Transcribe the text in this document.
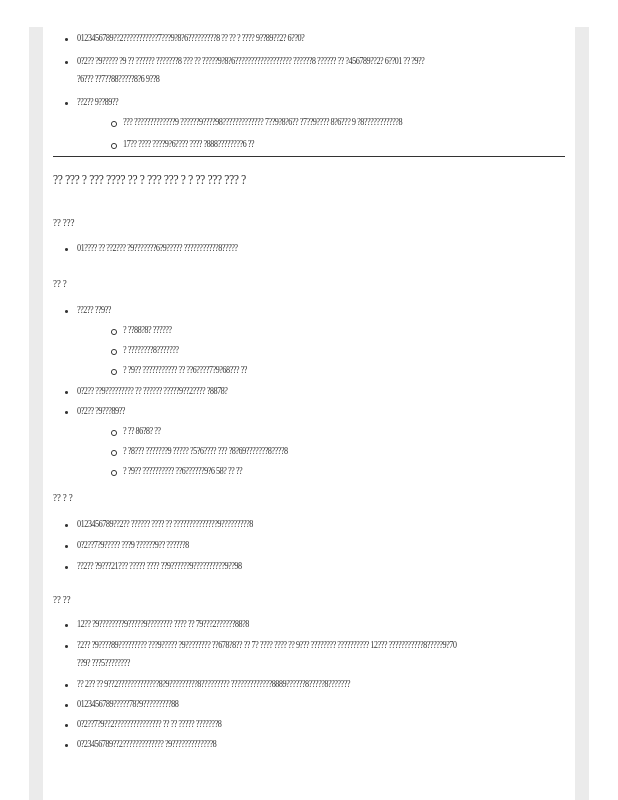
0123456789??2???????????7???9?8?6?????????8 ?? ?? ? ???? 9??89??2? 6??0?
0?2?? ?9????? ?9 ?? ?????? ???????8 ??? ?? ?????9?8?6?????????????????? ??????8 ?????? ?? ?456789??2? 6??01 ?? ?9??
?6??? ??7??88?????8?6 9??8
??2?? 9??89??
??? ?????????????9 ??????9????98????????????? 7??9?8?6?? ?7??9???? 8?6??? 9 ?8???????????8
17?? ???? ????9?6???? ???? ?888????????6 ??
?? ??? ? ??? ???? ?? ? ??? ??? ? ? ?? ??? ??? ?
?? ???
01???? ?? ??2??? ?9???????6?9????? ???????????8?????
?? ?
??2?? ??9??
? ??88?8? ??????
? ????????8???????
? ?9?? ??????????? ?? ??6????7?9?68??? ??
0?2?? ??9????????? ?? ?????? ?????9??2???? ?8878?
0?2?? ?9???89??
? ?? 86?8? ??
? ?8??? ???????9 ????? ?5?6???? ??? ?8?69???????8????8
? ?9?? ?????????? ??6??????9?6 58? ?? ??
?? ? ?
0123456789??2?? ?????? ???? ?? ??????????????9?????????8
0?2??7?9????? ???9 ??????9?? ??????8
??2?? ?9???21??? ????? ???? ??9??????9??????????9??98
?? ??
12?? ?9????????9?????9???????? ???? ?? 79???2??????88?8
?2?? ?9????89????????? ???9????? ?9???????? ??678?8?? ?? 7? ???? ???? ?? 9??? ???????? ?????????? 12??? ???????????8?????9?70
??9? ???5????????
?? 2?? ?? 9??2?????????????8?9?????????8????????? ?????????????8889??????8?????8???????
0123456789?????78?9?????????88
0?2??7?9??2??????????????? ?? ?? ????? ???????8
0?23456789??2????????????? ?9?????????????8
